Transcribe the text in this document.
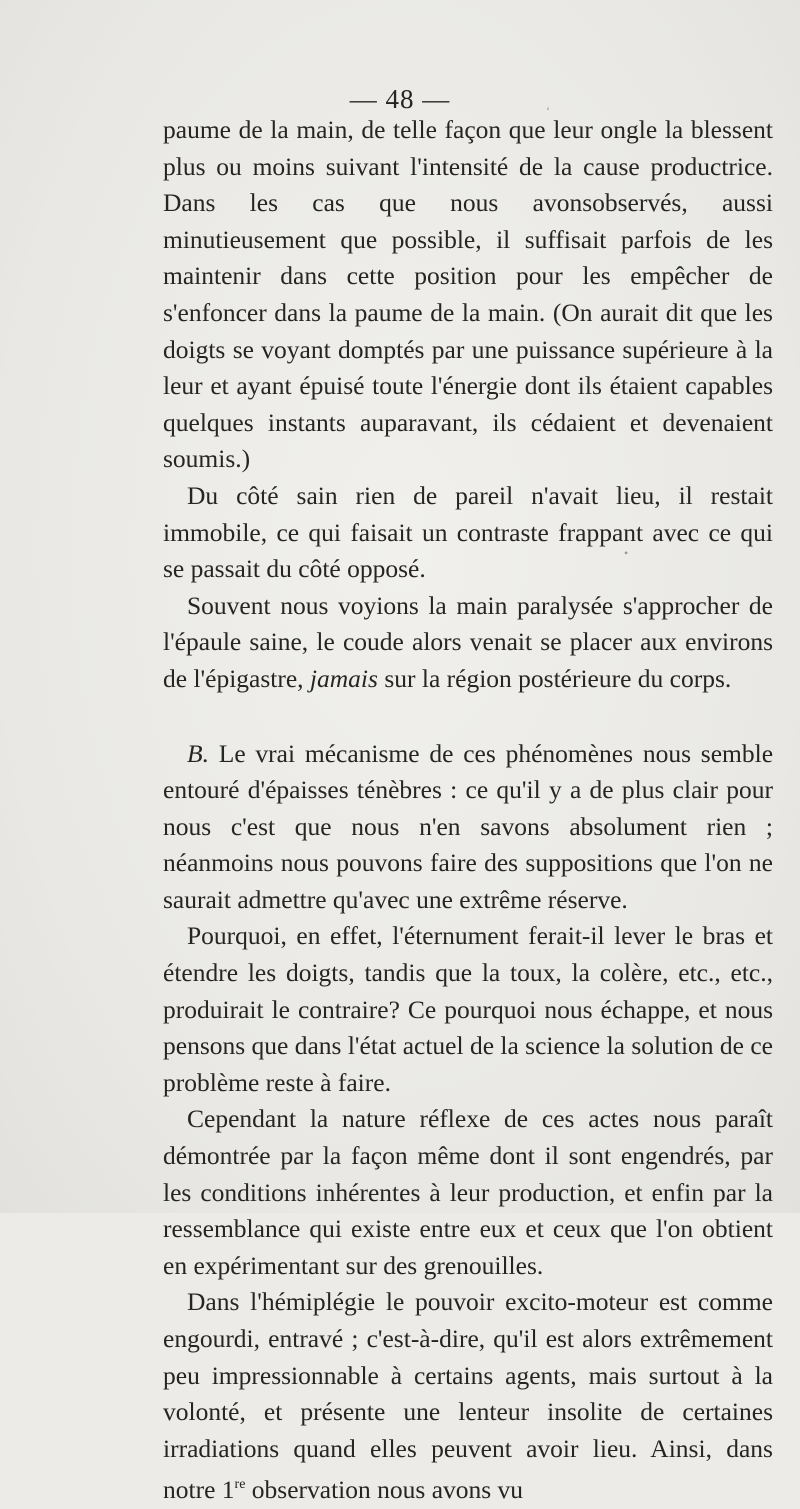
— 48 —	ʻ
•

paume de la main, de telle façon que leur ongle la blessent plus ou moins suivant l'intensité de la cause productrice. Dans les cas que nous avonsobservés, aussi minutieusement que possible, il suffisait parfois de les maintenir dans cette position pour les empêcher de s'enfoncer dans la paume de la main. (On aurait dit que les doigts se voyant domptés par une puissance supérieure à la leur et ayant épuisé toute l'énergie dont ils étaient capables quelques instants auparavant, ils cédaient et devenaient soumis.)

Du côté sain rien de pareil n'avait lieu, il restait immobile, ce qui faisait un contraste frappant avec ce qui se passait du côté opposé.

Souvent nous voyions la main paralysée s'approcher de l'épaule saine, le coude alors venait se placer aux environs de l'épigastre, jamais sur la région postérieure du corps.

B. Le vrai mécanisme de ces phénomènes nous semble entouré d'épaisses ténèbres : ce qu'il y a de plus clair pour nous c'est que nous n'en savons absolument rien ; néanmoins nous pouvons faire des suppositions que l'on ne saurait admettre qu'avec une extrême réserve.

Pourquoi, en effet, l'éternument ferait-il lever le bras et étendre les doigts, tandis que la toux, la colère, etc., etc., produirait le contraire? Ce pourquoi nous échappe, et nous pensons que dans l'état actuel de la science la solution de ce problème reste à faire.

Cependant la nature réflexe de ces actes nous paraît démontrée par la façon même dont il sont engendrés, par les conditions inhérentes à leur production, et enfin par la ressemblance qui existe entre eux et ceux que l'on obtient en expérimentant sur des grenouilles.

Dans l'hémiplégie le pouvoir excito-moteur est comme engourdi, entravé ; c'est-à-dire, qu'il est alors extrêmement peu impressionnable à certains agents, mais surtout à la volonté, et présente une lenteur insolite de certaines irradiations quand elles peuvent avoir lieu. Ainsi, dans notre 1re observation nous avons vu
